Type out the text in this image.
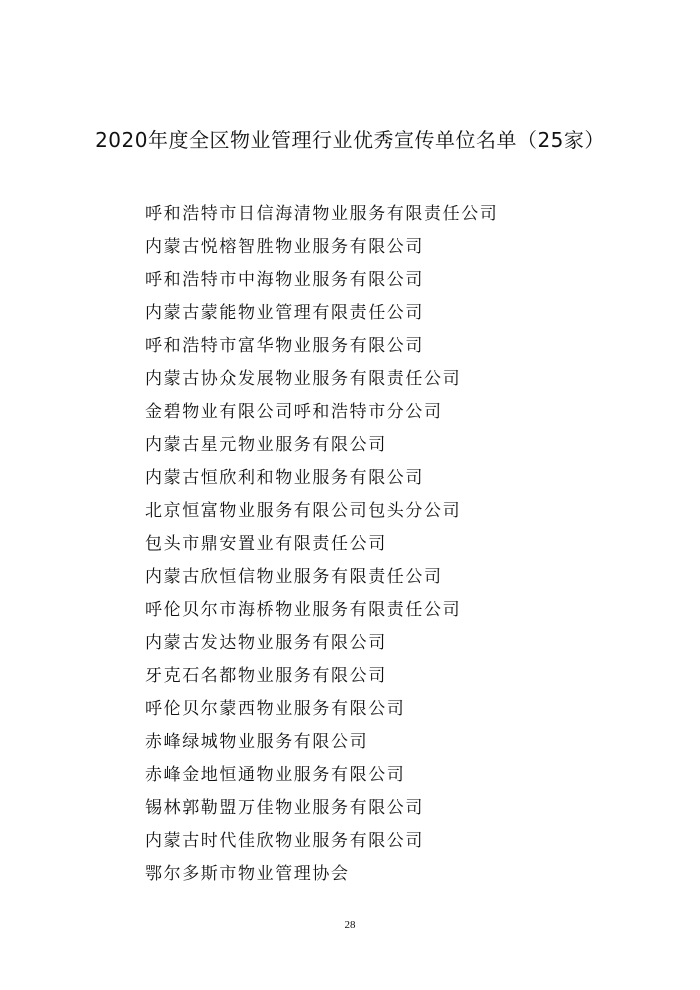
2020年度全区物业管理行业优秀宣传单位名单（25家）
呼和浩特市日信海清物业服务有限责任公司
内蒙古悦榕智胜物业服务有限公司
呼和浩特市中海物业服务有限公司
内蒙古蒙能物业管理有限责任公司
呼和浩特市富华物业服务有限公司
内蒙古协众发展物业服务有限责任公司
金碧物业有限公司呼和浩特市分公司
内蒙古星元物业服务有限公司
内蒙古恒欣利和物业服务有限公司
北京恒富物业服务有限公司包头分公司
包头市鼎安置业有限责任公司
内蒙古欣恒信物业服务有限责任公司
呼伦贝尔市海桥物业服务有限责任公司
内蒙古发达物业服务有限公司
牙克石名都物业服务有限公司
呼伦贝尔蒙西物业服务有限公司
赤峰绿城物业服务有限公司
赤峰金地恒通物业服务有限公司
锡林郭勒盟万佳物业服务有限公司
内蒙古时代佳欣物业服务有限公司
鄂尔多斯市物业管理协会
28
